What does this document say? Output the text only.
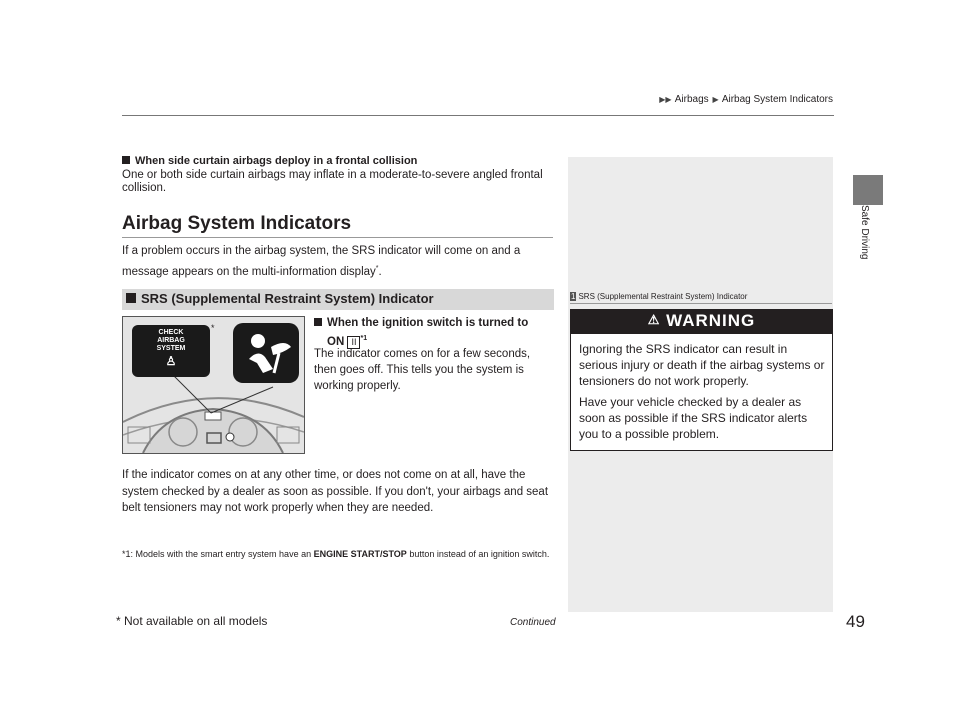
▶▶ Airbags ▶ Airbag System Indicators
Safe Driving
When side curtain airbags deploy in a frontal collision
One or both side curtain airbags may inflate in a moderate-to-severe angled frontal collision.
Airbag System Indicators
If a problem occurs in the airbag system, the SRS indicator will come on and a message appears on the multi-information display*.
SRS (Supplemental Restraint System) Indicator
*
CHECK
AIRBAG
SYSTEM
♙
When the ignition switch is turned to
ON II $^{*1}$
The indicator comes on for a few seconds, then goes off. This tells you the system is working properly.
If the indicator comes on at any other time, or does not come on at all, have the system checked by a dealer as soon as possible. If you don't, your airbags and seat belt tensioners may not work properly when they are needed.
*1: Models with the smart entry system have an ENGINE START/STOP button instead of an ignition switch.
1 SRS (Supplemental Restraint System) Indicator
⚠ WARNING
Ignoring the SRS indicator can result in serious injury or death if the airbag systems or tensioners do not work properly.
Have your vehicle checked by a dealer as soon as possible if the SRS indicator alerts you to a possible problem.
Continued	49
* Not available on all models
